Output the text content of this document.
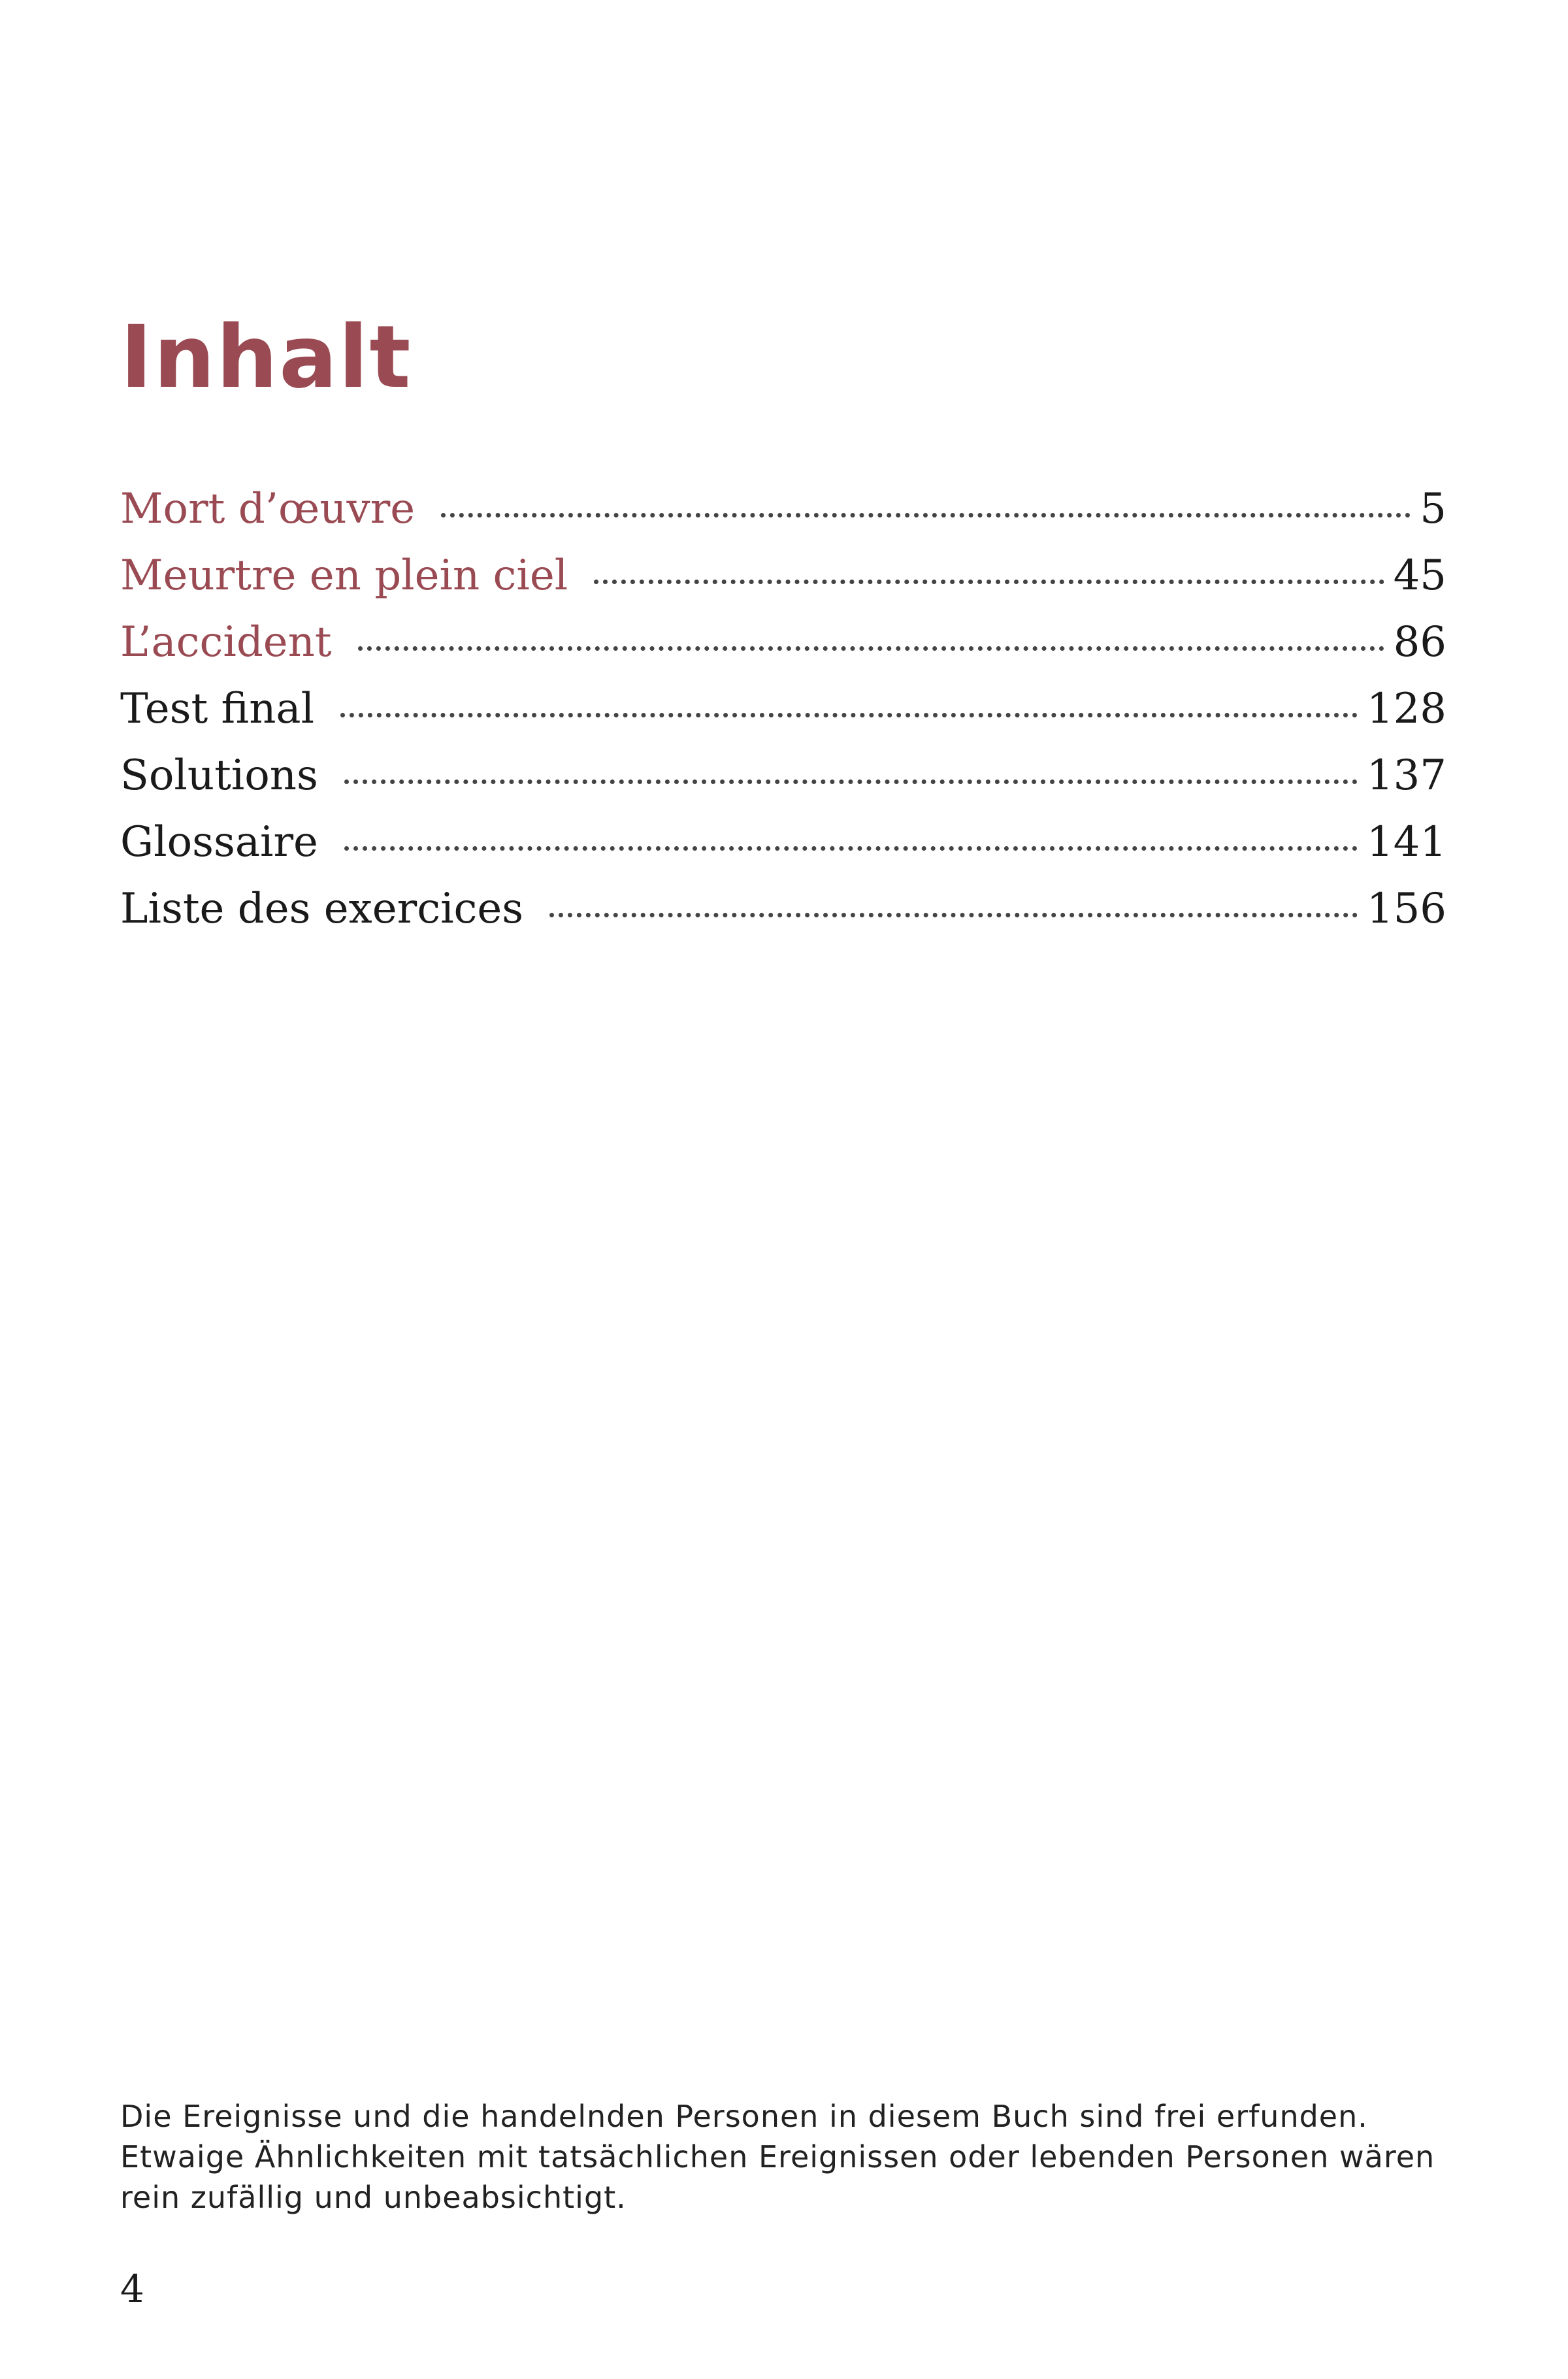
Inhalt
Mort d’œuvre	5
Meurtre en plein ciel	45
L’accident	86
Test final	128
Solutions	137
Glossaire	141
Liste des exercices	156

Die Ereignisse und die handelnden Personen in diesem Buch sind frei erfunden. Etwaige Ähnlichkeiten mit tatsächlichen Ereignissen oder lebenden Personen wären rein zufällig und unbeabsichtigt.

4
